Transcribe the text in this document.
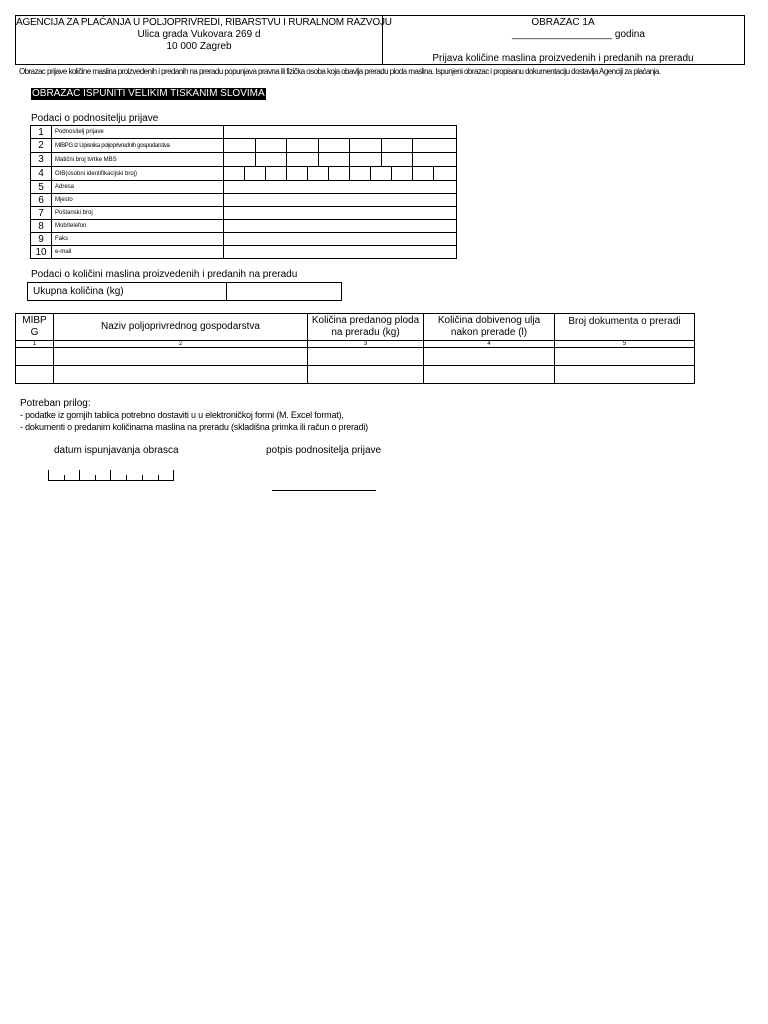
AGENCIJA ZA PLAĆANJA U POLJOPRIVREDI, RIBARSTVU I RURALNOM RAZVOJU
Ulica grada Vukovara 269 d
10 000 Zagreb
OBRAZAC 1A
__________________ godina
Prijava količine maslina proizvedenih i predanih na preradu
Obrazac prijave količine maslina proizvedenih i predanih na preradu popunjava pravna ili fizička osoba koja obavlja preradu ploda maslina. Ispunjeni obrazac i propisanu dokumentaciju dostavlja Agenciji za plaćanja.
OBRAZAC ISPUNITI VELIKIM TISKANIM SLOVIMA
Podaci o podnositelju prijave
1	Podnositelj prijave	
2	MIBPG iz Upisnika poljoprivrednih gospodarstva	

3	Matični broj tvrtke MBS	

4	OIB(osobni identifikacijski broj)	

5	Adresa	
6	Mjesto	
7	Poštanski broj	
8	Mob/telefon	
9	Faks	
10	e-mail	
Podaci o količini maslina proizvedenih i predanih na preradu
Ukupna količina (kg)	
MIBPG	Naziv poljoprivrednog gospodarstva	Količina predanog ploda na preradu (kg)	Količina dobivenog ulja nakon prerade (l)	Broj dokumenta o preradi
1	2	3	4	5

Potreban prilog:
- podatke iz gornjih tablica potrebno dostaviti u u elektroničkoj formi (M. Excel format),
- dokumenti o predanim količinama maslina na preradu (skladišna primka ili račun o preradi)
datum ispunjavanja obrasca	potpis podnositelja prijave
